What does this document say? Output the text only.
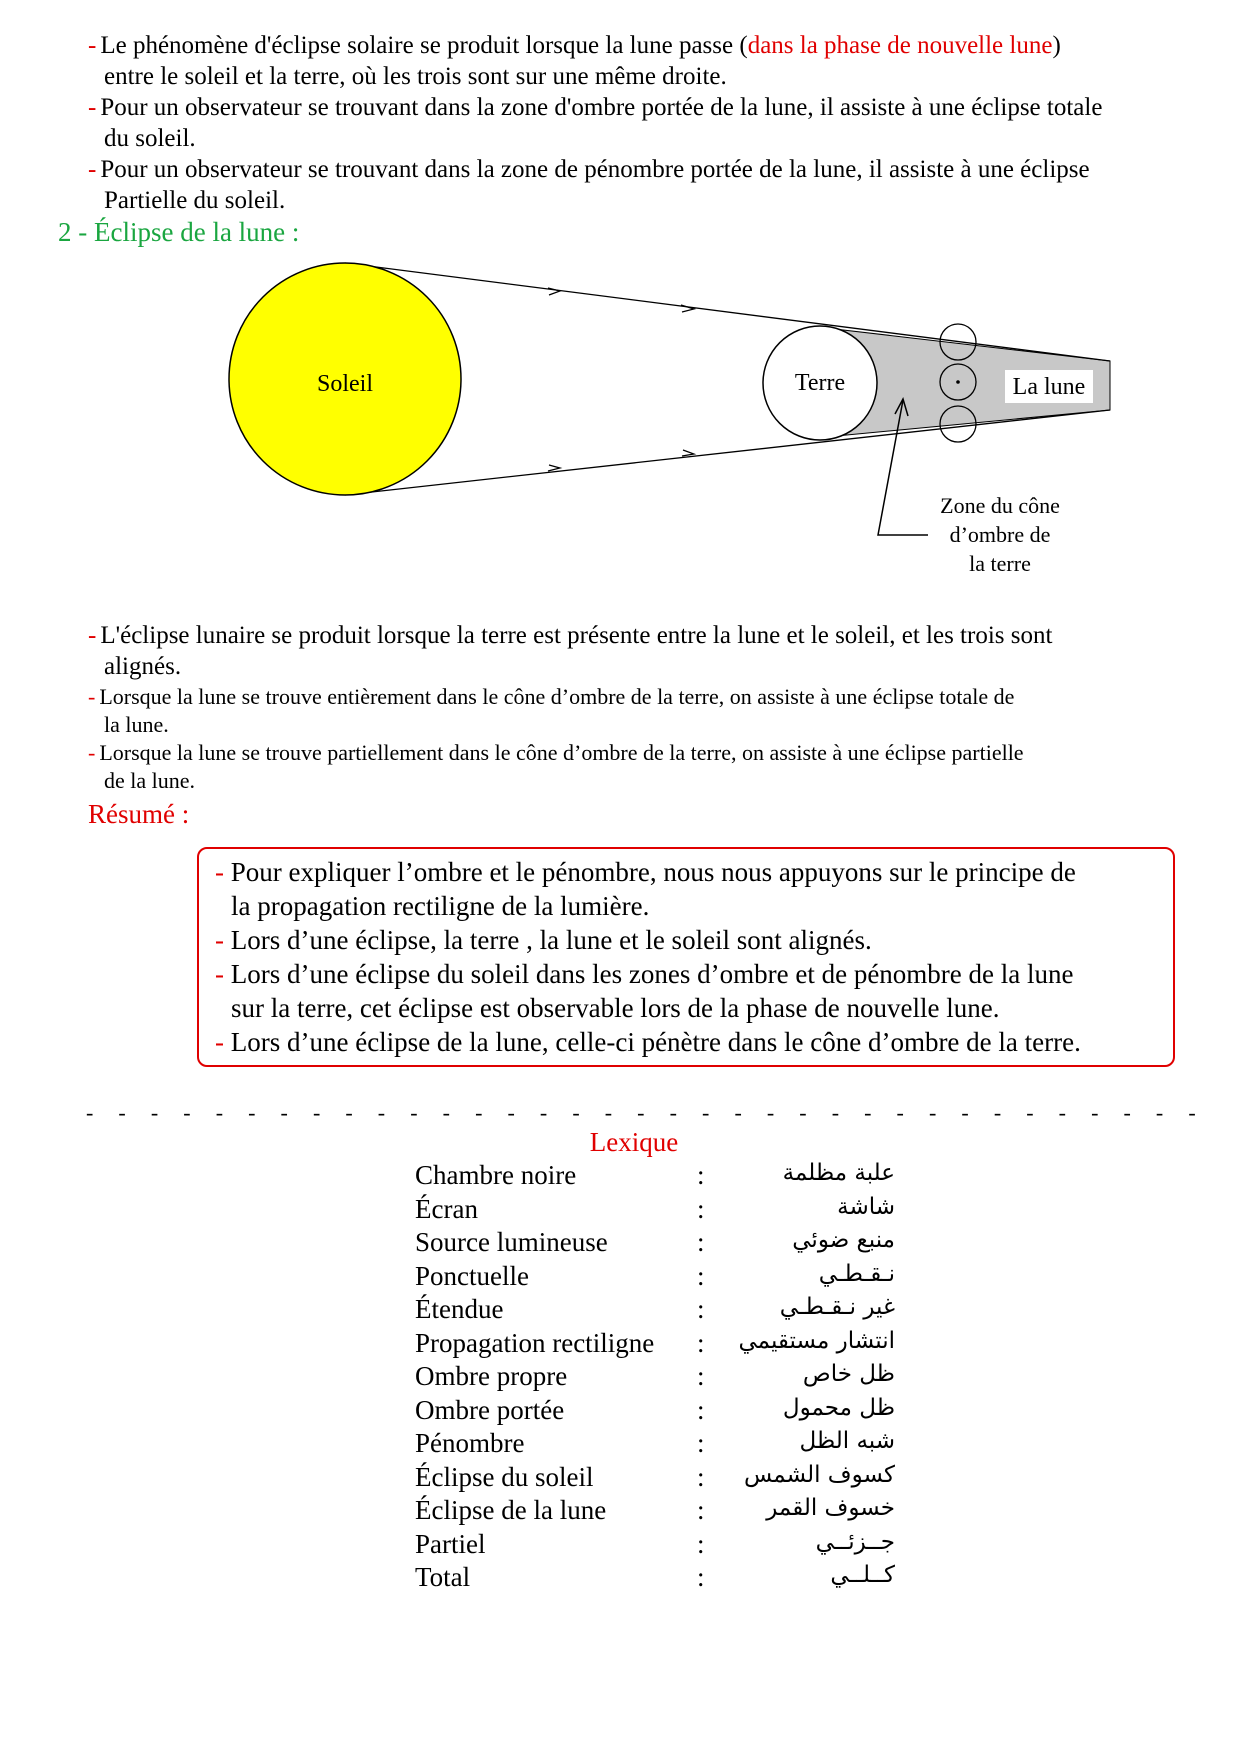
- Le phénomène d'éclipse solaire se produit lorsque la lune passe (dans la phase de nouvelle lune)
entre le soleil et la terre, où les trois sont sur une même droite.
- Pour un observateur se trouvant dans la zone d'ombre portée de la lune, il assiste à une éclipse totale
du soleil.
- Pour un observateur se trouvant dans la zone de pénombre portée de la lune, il assiste à une éclipse
Partielle du soleil.
2 - Éclipse de la lune :
Soleil	Terre	La lune
Zone du cône
d’ombre de
la terre
- L'éclipse lunaire se produit lorsque la terre est présente entre la lune et le soleil, et les trois sont
alignés.
- Lorsque la lune se trouve entièrement dans le cône d’ombre de la terre, on assiste à une éclipse totale de
la lune.
- Lorsque la lune se trouve partiellement dans le cône d’ombre de la terre, on assiste à une éclipse partielle
de la lune.
Résumé :
- Pour expliquer l’ombre et le pénombre, nous nous appuyons sur le principe de
la propagation rectiligne de la lumière.
- Lors d’une éclipse, la terre , la lune et le soleil sont alignés.
- Lors d’une éclipse du soleil dans les zones d’ombre et de pénombre de la lune
sur la terre, cet éclipse est observable lors de la phase de nouvelle lune.
- Lors d’une éclipse de la lune, celle-ci pénètre dans le cône d’ombre de la terre.
- - - - - - - - - - - - - - - - - - - - - - - - - - - - - - - - - - -
Lexique
Chambre noire	:	علبة مظلمة
Écran	:	شاشة
Source lumineuse	:	منبع ضوئي
Ponctuelle	:	نـقـطـي
Étendue	:	غير نـقـطـي
Propagation rectiligne : انتشار مستقيمي
Ombre propre	:	ظل خاص
Ombre portée	:	ظل محمول
Pénombre	:	شبه الظل
Éclipse du soleil	: كسوف الشمس
Éclipse de la lune	:	خسوف القمر
Partiel	:	جــزئــي
Total	:	كــلــي
